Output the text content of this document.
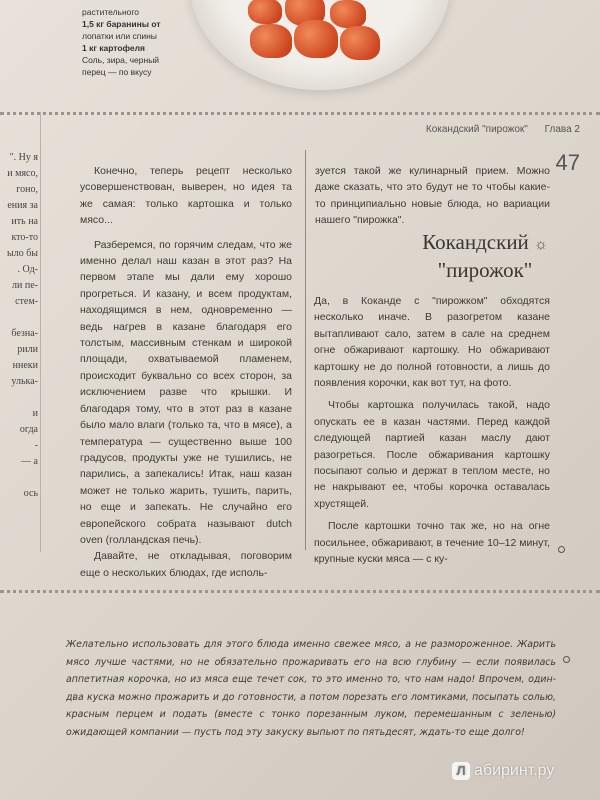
растительного
1,5 кг баранины от
лопатки или спины
1 кг картофеля
Соль, зира, черный
перец — по вкусу
Кокандский "пирожок" Глава 2
47
". Ну я
и мясо,
гоно,
ения за
ить на
кто-то
ыло бы
. Од-
ли пе-
стем-

безна-
рили
ннеки
улька-

и
огда
-
— а

ось

Конечно, теперь рецепт несколько усовершенствован, выверен, но идея та же самая: только картошка и только мясо...

Разберемся, по горячим следам, что же именно делал наш казан в этот раз? На первом этапе мы дали ему хорошо прогреться. И казану, и всем продуктам, находящимся в нем, одновременно — ведь нагрев в казане благодаря его толстым, массивным стенкам и широкой площади, охватываемой пламенем, происходит буквально со всех сторон, за исключением разве что крышки. И благодаря тому, что в этот раз в казане было мало влаги (только та, что в мясе), а температура — существенно выше 100 градусов, продукты уже не тушились, не парились, а запекались! Итак, наш казан может не только жарить, тушить, парить, но еще и запекать. Не случайно его европейского собрата называют dutch oven (голландская печь).

Давайте, не откладывая, поговорим еще о нескольких блюдах, где исполь-

зуется такой же кулинарный прием. Можно даже сказать, что это будут не то чтобы какие-то принципиально новые блюда, но вариации нашего "пирожка".

Кокандский ☼
"пирожок"

Да, в Коканде с "пирожком" обходятся несколько иначе. В разогретом казане вытапливают сало, затем в сале на среднем огне обжаривают картошку. Но обжаривают картошку не до полной готовности, а лишь до появления корочки, как вот тут, на фото.

Чтобы картошка получилась такой, надо опускать ее в казан частями. Перед каждой следующей партией казан маслу дают разогреться. После обжаривания картошку посыпают солью и держат в теплом месте, но не накрывают ее, чтобы корочка оставалась хрустящей.

После картошки точно так же, но на огне посильнее, обжаривают, в течение 10–12 минут, крупные куски мяса — с ку-

Желательно использовать для этого блюда именно свежее мясо, а не размороженное. Жарить мясо лучше частями, но не обязательно прожаривать его на всю глубину — если появилась аппетитная корочка, но из мяса еще течет сок, то это именно то, что нам надо! Впрочем, один-два куска можно прожарить и до готовности, а потом порезать его ломтиками, посыпать солью, красным перцем и подать (вместе с тонко порезанным луком, перемешанным с зеленью) ожидающей компании — пусть под эту закуску выпьют по пятьдесят, ждать-то еще долго!
Л абиринт.ру
